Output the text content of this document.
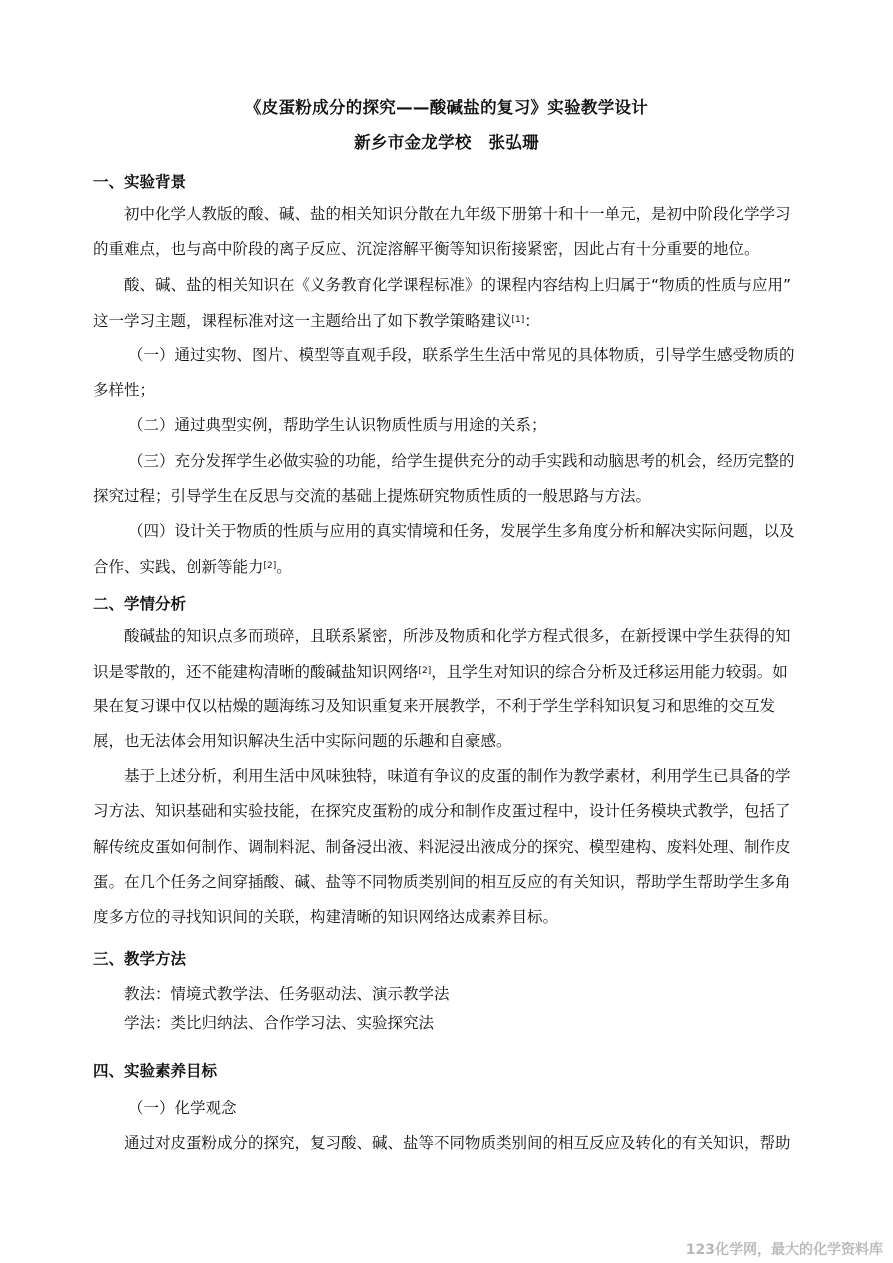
《皮蛋粉成分的探究——酸碱盐的复习》实验教学设计
新乡市金龙学校　张弘珊
一、实验背景
初中化学人教版的酸、碱、盐的相关知识分散在九年级下册第十和十一单元，是初中阶段化学学习
的重难点，也与高中阶段的离子反应、沉淀溶解平衡等知识衔接紧密，因此占有十分重要的地位。
酸、碱、盐的相关知识在《义务教育化学课程标准》的课程内容结构上归属于“物质的性质与应用”
这一学习主题，课程标准对这一主题给出了如下教学策略建议[1]：
（一）通过实物、图片、模型等直观手段，联系学生生活中常见的具体物质，引导学生感受物质的
多样性；
（二）通过典型实例，帮助学生认识物质性质与用途的关系；
（三）充分发挥学生必做实验的功能，给学生提供充分的动手实践和动脑思考的机会，经历完整的
探究过程；引导学生在反思与交流的基础上提炼研究物质性质的一般思路与方法。
（四）设计关于物质的性质与应用的真实情境和任务，发展学生多角度分析和解决实际问题，以及
合作、实践、创新等能力[2]。
二、学情分析
酸碱盐的知识点多而琐碎，且联系紧密，所涉及物质和化学方程式很多，在新授课中学生获得的知
识是零散的，还不能建构清晰的酸碱盐知识网络[2]，且学生对知识的综合分析及迁移运用能力较弱。如
果在复习课中仅以枯燥的题海练习及知识重复来开展教学，不利于学生学科知识复习和思维的交互发
展，也无法体会用知识解决生活中实际问题的乐趣和自豪感。
基于上述分析，利用生活中风味独特，味道有争议的皮蛋的制作为教学素材，利用学生已具备的学
习方法、知识基础和实验技能，在探究皮蛋粉的成分和制作皮蛋过程中，设计任务模块式教学，包括了
解传统皮蛋如何制作、调制料泥、制备浸出液、料泥浸出液成分的探究、模型建构、废料处理、制作皮
蛋。在几个任务之间穿插酸、碱、盐等不同物质类别间的相互反应的有关知识，帮助学生帮助学生多角
度多方位的寻找知识间的关联，构建清晰的知识网络达成素养目标。
三、教学方法
教法：情境式教学法、任务驱动法、演示教学法
学法：类比归纳法、合作学习法、实验探究法
四、实验素养目标
（一）化学观念
通过对皮蛋粉成分的探究，复习酸、碱、盐等不同物质类别间的相互反应及转化的有关知识，帮助
123化学网，最大的化学资料库
